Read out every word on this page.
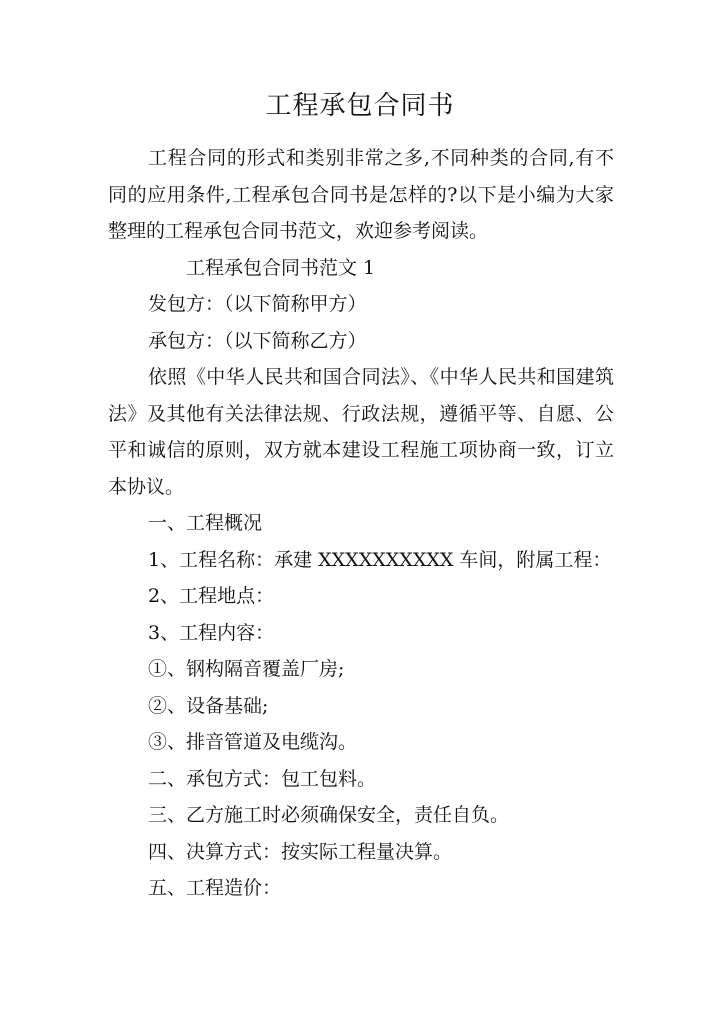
工程承包合同书

工程合同的形式和类别非常之多,不同种类的合同,有不同的应用条件,工程承包合同书是怎样的?以下是小编为大家整理的工程承包合同书范文，欢迎参考阅读。

工程承包合同书范文 1

发包方：（以下简称甲方）

承包方：（以下简称乙方）

依照《中华人民共和国合同法》、《中华人民共和国建筑法》及其他有关法律法规、行政法规，遵循平等、自愿、公平和诚信的原则，双方就本建设工程施工项协商一致，订立本协议。

一、工程概况

1、工程名称：承建 XXXXXXXXXX 车间，附属工程：

2、工程地点：

3、工程内容：

①、钢构隔音覆盖厂房;

②、设备基础;

③、排音管道及电缆沟。

二、承包方式：包工包料。

三、乙方施工时必须确保安全，责任自负。

四、决算方式：按实际工程量决算。

五、工程造价：
